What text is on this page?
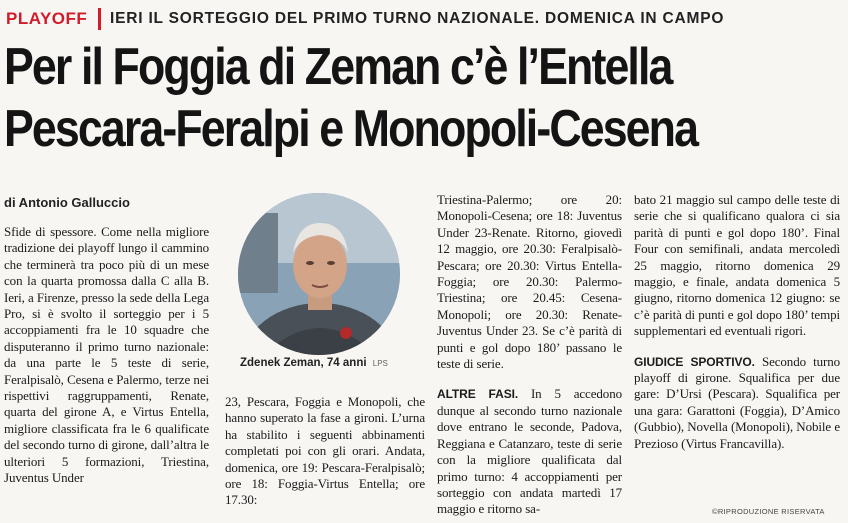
PLAYOFF IERI IL SORTEGGIO DEL PRIMO TURNO NAZIONALE. DOMENICA IN CAMPO
Per il Foggia di Zeman c’è l’Entella
Pescara-Feralpi e Monopoli-Cesena
di Antonio Galluccio

Sfide di spessore. Come nella migliore tradizione dei playoff lungo il cammino che terminerà tra poco più di un mese con la quarta promossa dalla C alla B. Ieri, a Firenze, presso la sede della Lega Pro, si è svolto il sorteggio per i 5 accoppiamenti fra le 10 squadre che disputeranno il primo turno nazionale: da una parte le 5 teste di serie, Feralpisalò, Cesena e Palermo, terze nei rispettivi raggruppamenti, Renate, quarta del girone A, e Virtus Entella, migliore classificata fra le 6 qualificate del secondo turno di girone, dall’altra le ulteriori 5 formazioni, Triestina, Juventus Under

Zdenek Zeman, 74 anni LPS

23, Pescara, Foggia e Monopoli, che hanno superato la fase a gironi. L’urna ha stabilito i seguenti abbinamenti completati poi con gli orari. Andata, domenica, ore 19: Pescara-Feralpisalò; ore 18: Foggia-Virtus Entella; ore 17.30:

Triestina-Palermo; ore 20: Monopoli-Cesena; ore 18: Juventus Under 23-Renate. Ritorno, giovedì 12 maggio, ore 20.30: Feralpisalò-Pescara; ore 20.30: Virtus Entella-Foggia; ore 20.30: Palermo-Triestina; ore 20.45: Cesena-Monopoli; ore 20.30: Renate-Juventus Under 23. Se c’è parità di punti e gol dopo 180’ passano le teste di serie.

ALTRE FASI. In 5 accedono dunque al secondo turno nazionale dove entrano le seconde, Padova, Reggiana e Catanzaro, teste di serie con la migliore qualificata dal primo turno: 4 accoppiamenti per sorteggio con andata martedì 17 maggio e ritorno sa-

bato 21 maggio sul campo delle teste di serie che si qualificano qualora ci sia parità di punti e gol dopo 180’. Final Four con semifinali, andata mercoledì 25 maggio, ritorno domenica 29 maggio, e finale, andata domenica 5 giugno, ritorno domenica 12 giugno: se c’è parità di punti e gol dopo 180’ tempi supplementari ed eventuali rigori.

GIUDICE SPORTIVO. Secondo turno playoff di girone. Squalifica per due gare: D’Ursi (Pescara). Squalifica per una gara: Garattoni (Foggia), D’Amico (Gubbio), Novella (Monopoli), Nobile e Prezioso (Virtus Francavilla).

©RIPRODUZIONE RISERVATA
